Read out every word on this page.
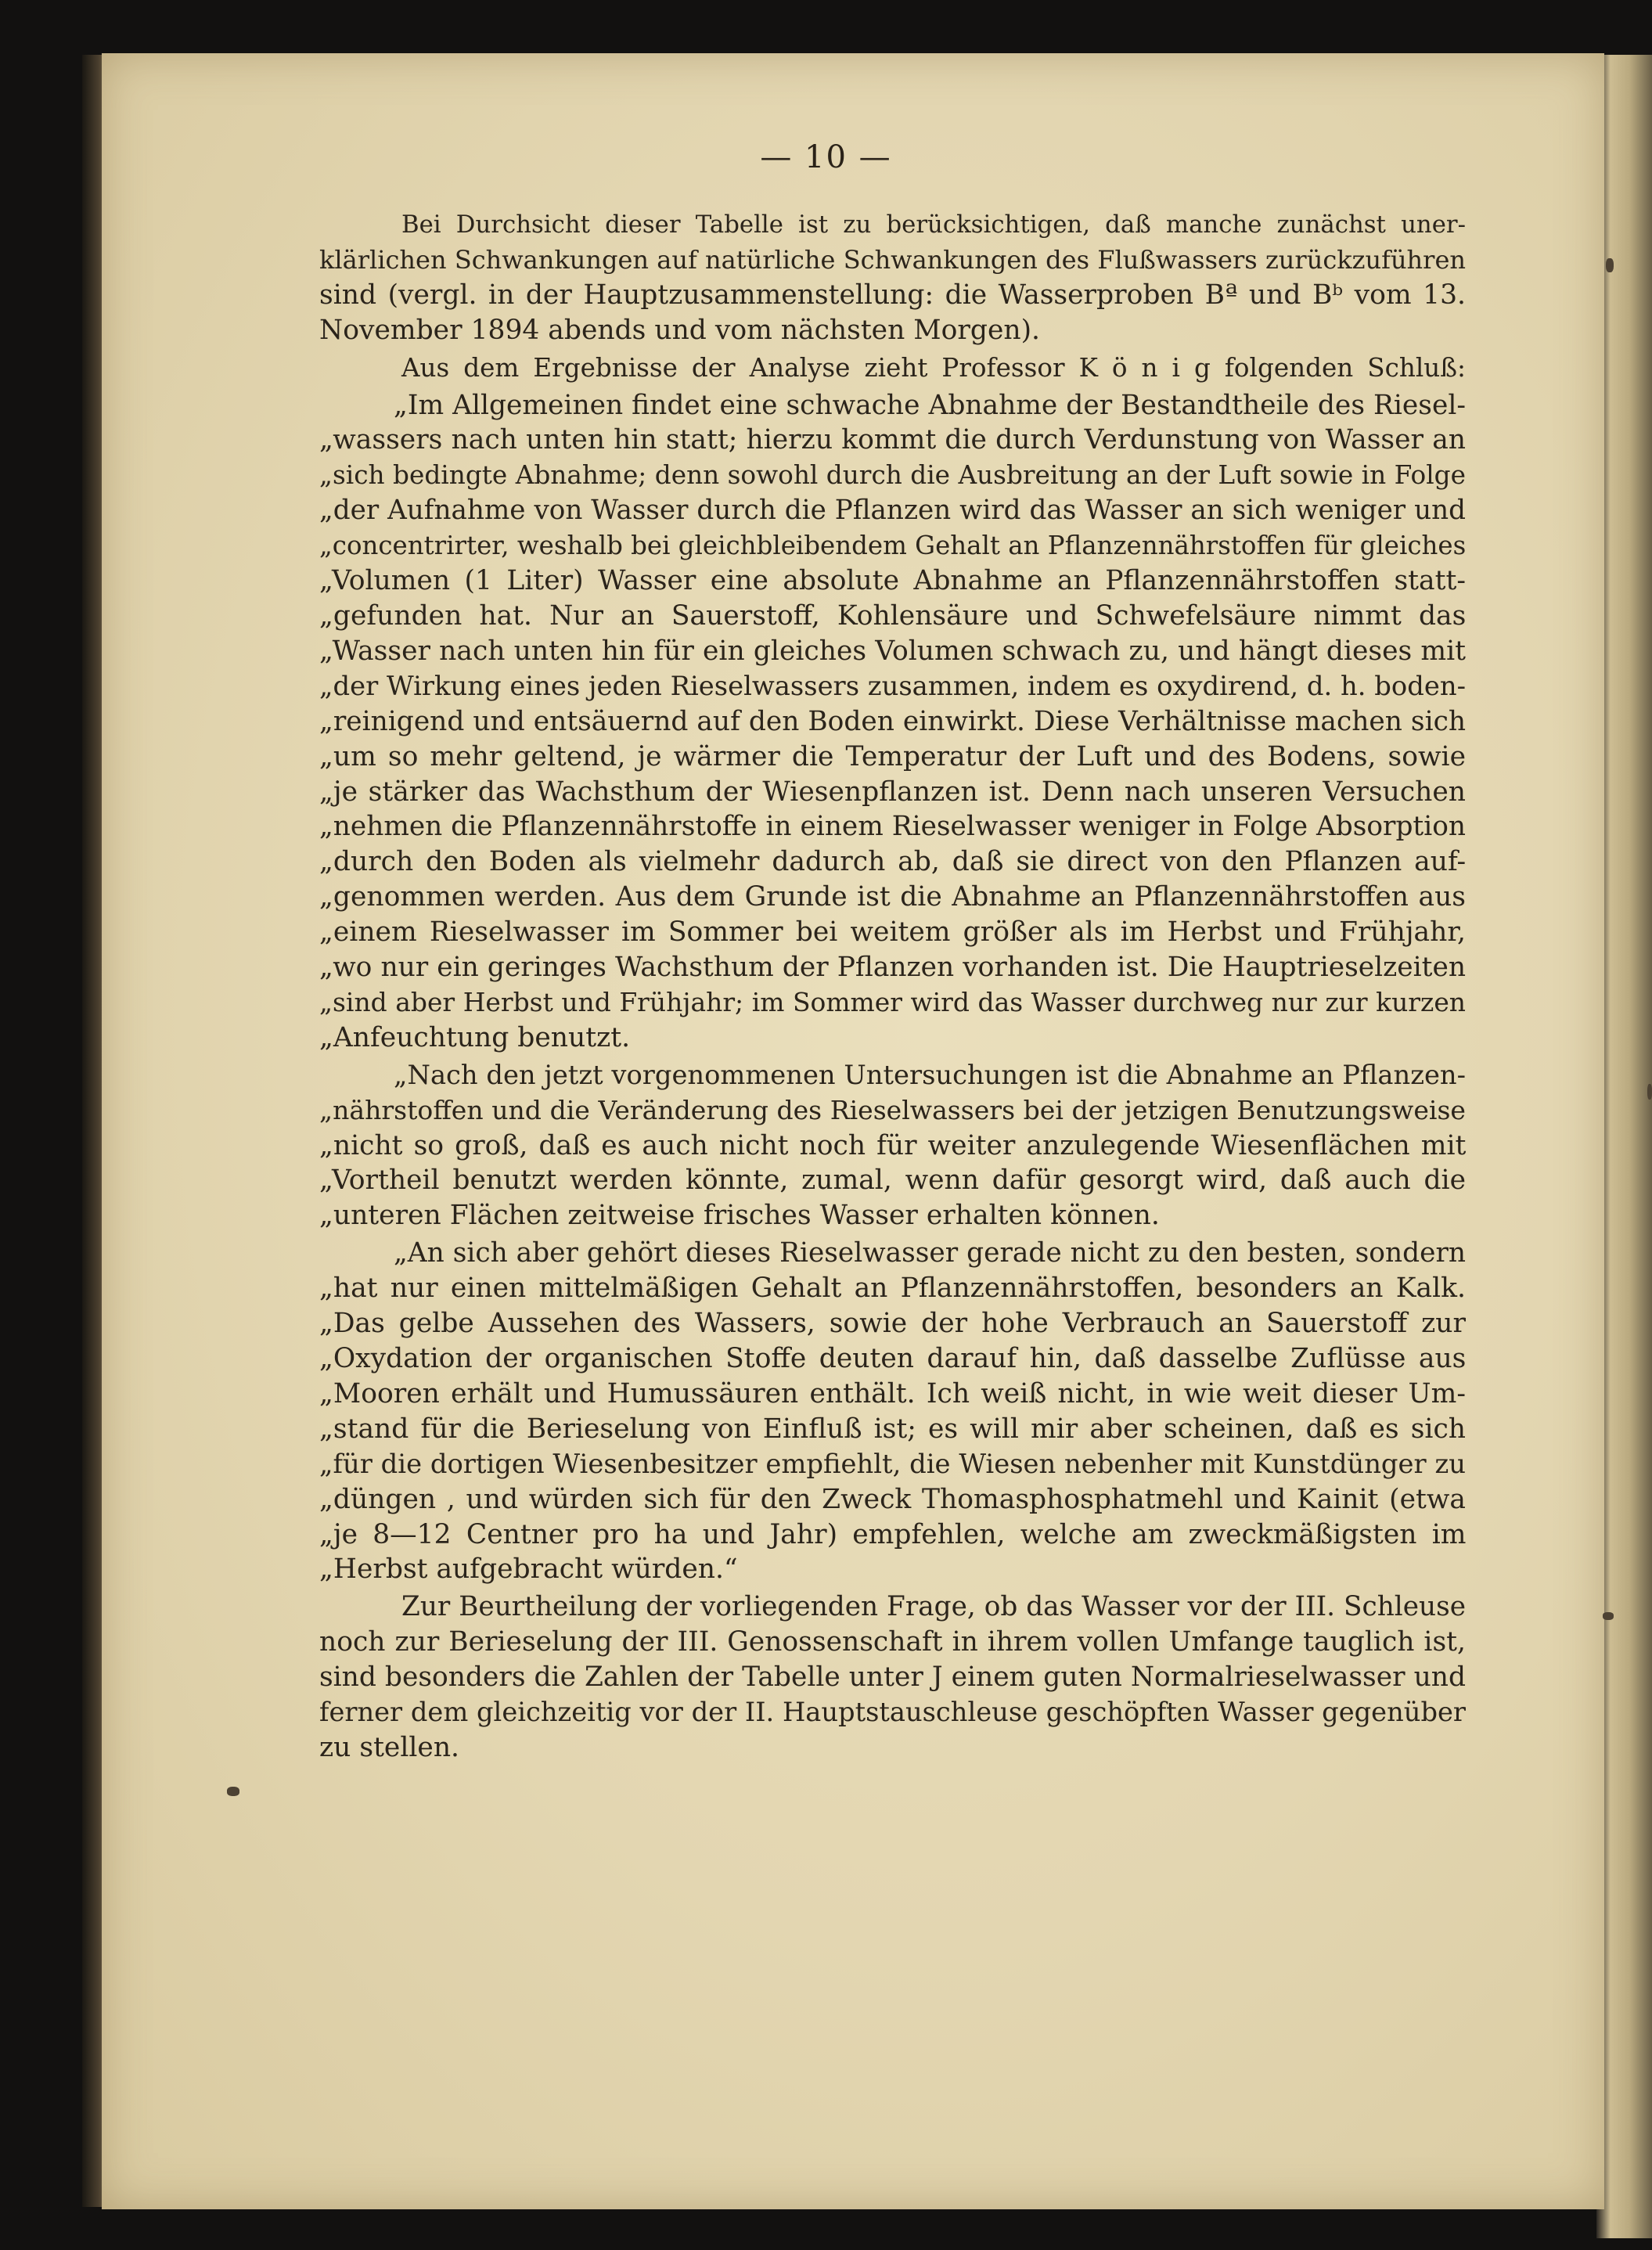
— 10 —
Bei Durchsicht dieser Tabelle ist zu berücksichtigen, daß manche zunächst uner-
klärlichen Schwankungen auf natürliche Schwankungen des Flußwassers zurückzuführen
sind (vergl. in der Hauptzusammenstellung: die Wasserproben Bª und Bᵇ vom 13.
November 1894 abends und vom nächsten Morgen).
Aus dem Ergebnisse der Analyse zieht Professor K ö n i g folgenden Schluß:
„Im Allgemeinen findet eine schwache Abnahme der Bestandtheile des Riesel-
„wassers nach unten hin statt; hierzu kommt die durch Verdunstung von Wasser an
„sich bedingte Abnahme; denn sowohl durch die Ausbreitung an der Luft sowie in Folge
„der Aufnahme von Wasser durch die Pflanzen wird das Wasser an sich weniger und
„concentrirter, weshalb bei gleichbleibendem Gehalt an Pflanzennährstoffen für gleiches
„Volumen (1 Liter) Wasser eine absolute Abnahme an Pflanzennährstoffen statt-
„gefunden hat. Nur an Sauerstoff, Kohlensäure und Schwefelsäure nimmt das
„Wasser nach unten hin für ein gleiches Volumen schwach zu, und hängt dieses mit
„der Wirkung eines jeden Rieselwassers zusammen, indem es oxydirend, d. h. boden-
„reinigend und entsäuernd auf den Boden einwirkt. Diese Verhältnisse machen sich
„um so mehr geltend, je wärmer die Temperatur der Luft und des Bodens, sowie
„je stärker das Wachsthum der Wiesenpflanzen ist. Denn nach unseren Versuchen
„nehmen die Pflanzennährstoffe in einem Rieselwasser weniger in Folge Absorption
„durch den Boden als vielmehr dadurch ab, daß sie direct von den Pflanzen auf-
„genommen werden. Aus dem Grunde ist die Abnahme an Pflanzennährstoffen aus
„einem Rieselwasser im Sommer bei weitem größer als im Herbst und Frühjahr,
„wo nur ein geringes Wachsthum der Pflanzen vorhanden ist. Die Hauptrieselzeiten
„sind aber Herbst und Frühjahr; im Sommer wird das Wasser durchweg nur zur kurzen
„Anfeuchtung benutzt.
„Nach den jetzt vorgenommenen Untersuchungen ist die Abnahme an Pflanzen-
„nährstoffen und die Veränderung des Rieselwassers bei der jetzigen Benutzungsweise
„nicht so groß, daß es auch nicht noch für weiter anzulegende Wiesenflächen mit
„Vortheil benutzt werden könnte, zumal, wenn dafür gesorgt wird, daß auch die
„unteren Flächen zeitweise frisches Wasser erhalten können.
„An sich aber gehört dieses Rieselwasser gerade nicht zu den besten, sondern
„hat nur einen mittelmäßigen Gehalt an Pflanzennährstoffen, besonders an Kalk.
„Das gelbe Aussehen des Wassers, sowie der hohe Verbrauch an Sauerstoff zur
„Oxydation der organischen Stoffe deuten darauf hin, daß dasselbe Zuflüsse aus
„Mooren erhält und Humussäuren enthält. Ich weiß nicht, in wie weit dieser Um-
„stand für die Berieselung von Einfluß ist; es will mir aber scheinen, daß es sich
„für die dortigen Wiesenbesitzer empfiehlt, die Wiesen nebenher mit Kunstdünger zu
„düngen , und würden sich für den Zweck Thomasphosphatmehl und Kainit (etwa
„je 8—12 Centner pro ha und Jahr) empfehlen, welche am zweckmäßigsten im
„Herbst aufgebracht würden.“
Zur Beurtheilung der vorliegenden Frage, ob das Wasser vor der III. Schleuse
noch zur Berieselung der III. Genossenschaft in ihrem vollen Umfange tauglich ist,
sind besonders die Zahlen der Tabelle unter J einem guten Normalrieselwasser und
ferner dem gleichzeitig vor der II. Hauptstauschleuse geschöpften Wasser gegenüber
zu stellen.
